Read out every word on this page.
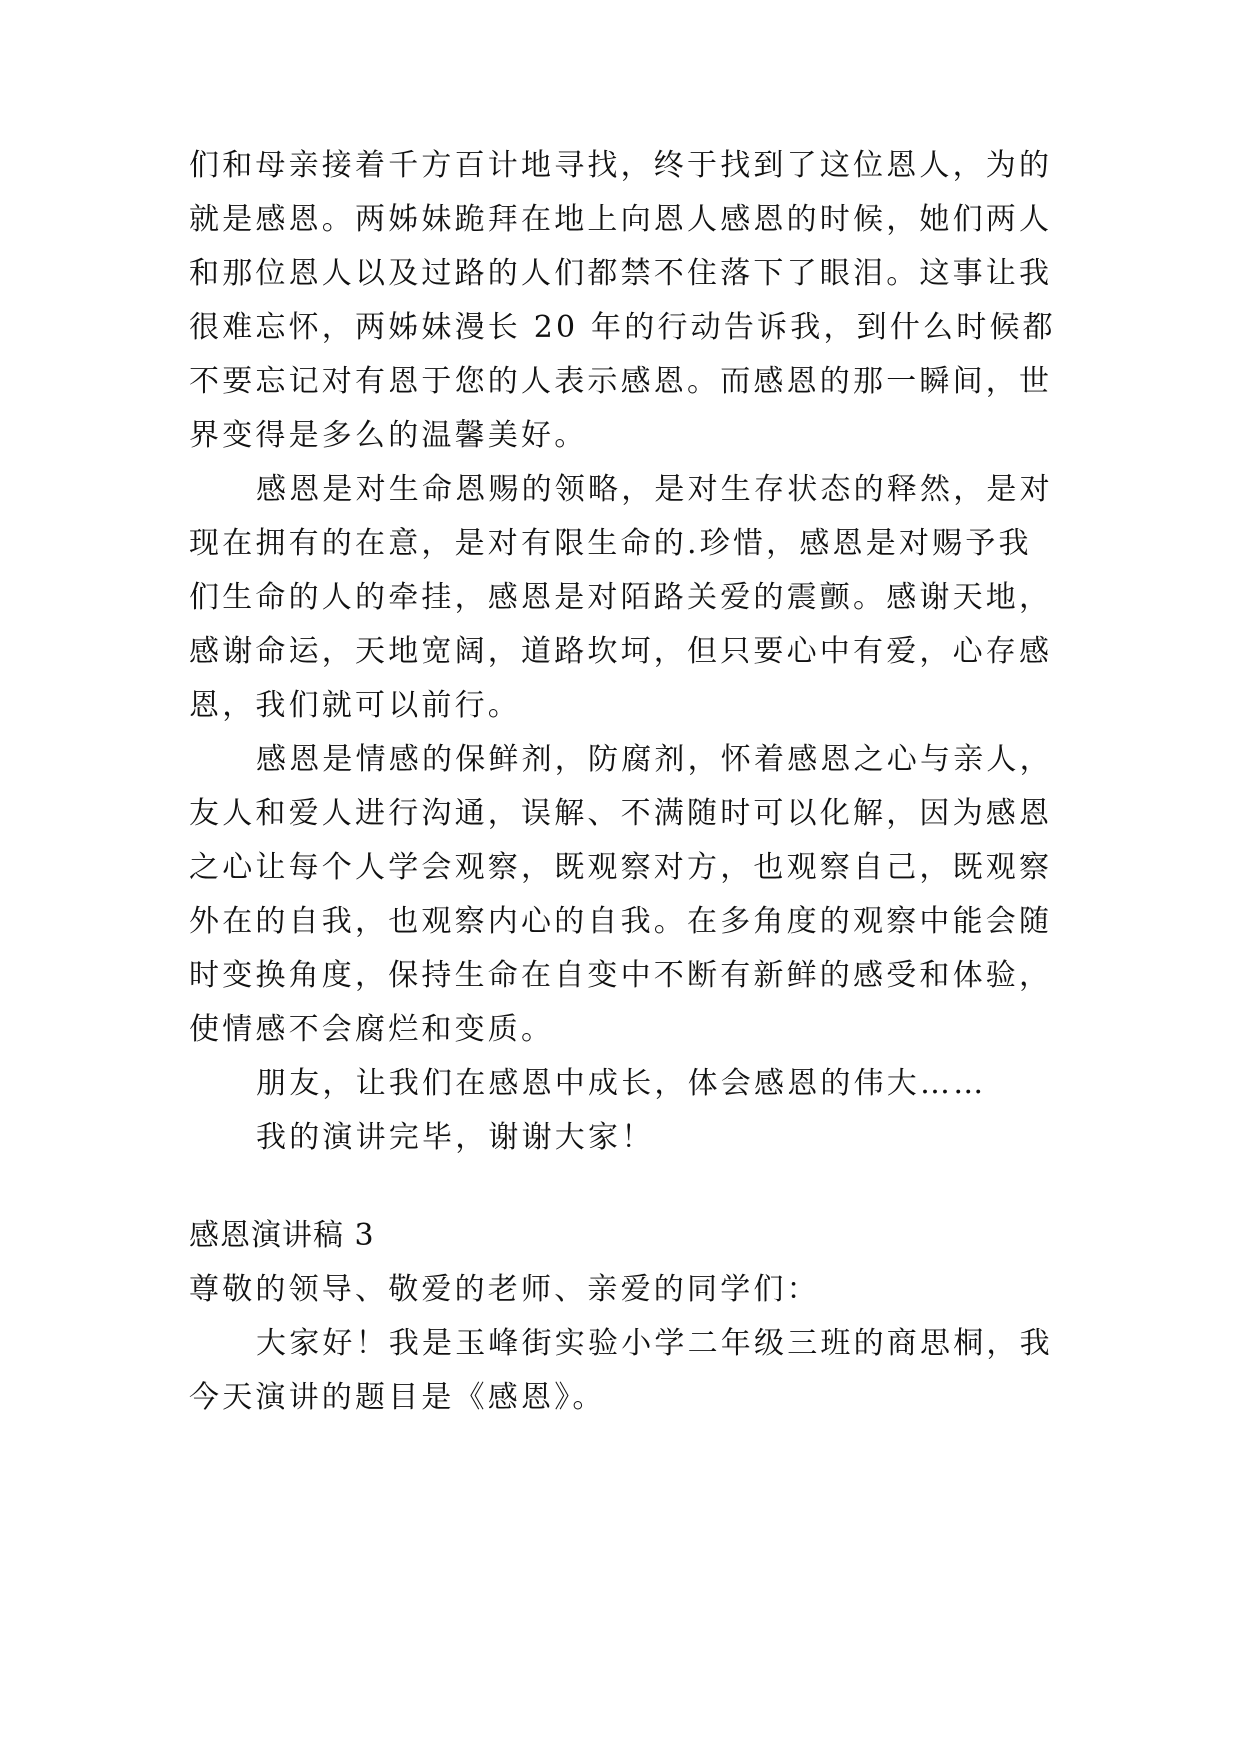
们和母亲接着千方百计地寻找，终于找到了这位恩人，为的

就是感恩。两姊妹跪拜在地上向恩人感恩的时候，她们两人

和那位恩人以及过路的人们都禁不住落下了眼泪。这事让我

很难忘怀，两姊妹漫长 20 年的行动告诉我，到什么时候都

不要忘记对有恩于您的人表示感恩。而感恩的那一瞬间，世

界变得是多么的温馨美好。

感恩是对生命恩赐的领略，是对生存状态的释然，是对

现在拥有的在意，是对有限生命的.珍惜，感恩是对赐予我

们生命的人的牵挂，感恩是对陌路关爱的震颤。感谢天地，

感谢命运，天地宽阔，道路坎坷，但只要心中有爱，心存感

恩，我们就可以前行。

感恩是情感的保鲜剂，防腐剂，怀着感恩之心与亲人，

友人和爱人进行沟通，误解、不满随时可以化解，因为感恩

之心让每个人学会观察，既观察对方，也观察自己，既观察

外在的自我，也观察内心的自我。在多角度的观察中能会随

时变换角度，保持生命在自变中不断有新鲜的感受和体验，

使情感不会腐烂和变质。

朋友，让我们在感恩中成长，体会感恩的伟大……

我的演讲完毕，谢谢大家！

感恩演讲稿 3

尊敬的领导、敬爱的老师、亲爱的同学们：

大家好！我是玉峰街实验小学二年级三班的商思桐，我

今天演讲的题目是《感恩》。
